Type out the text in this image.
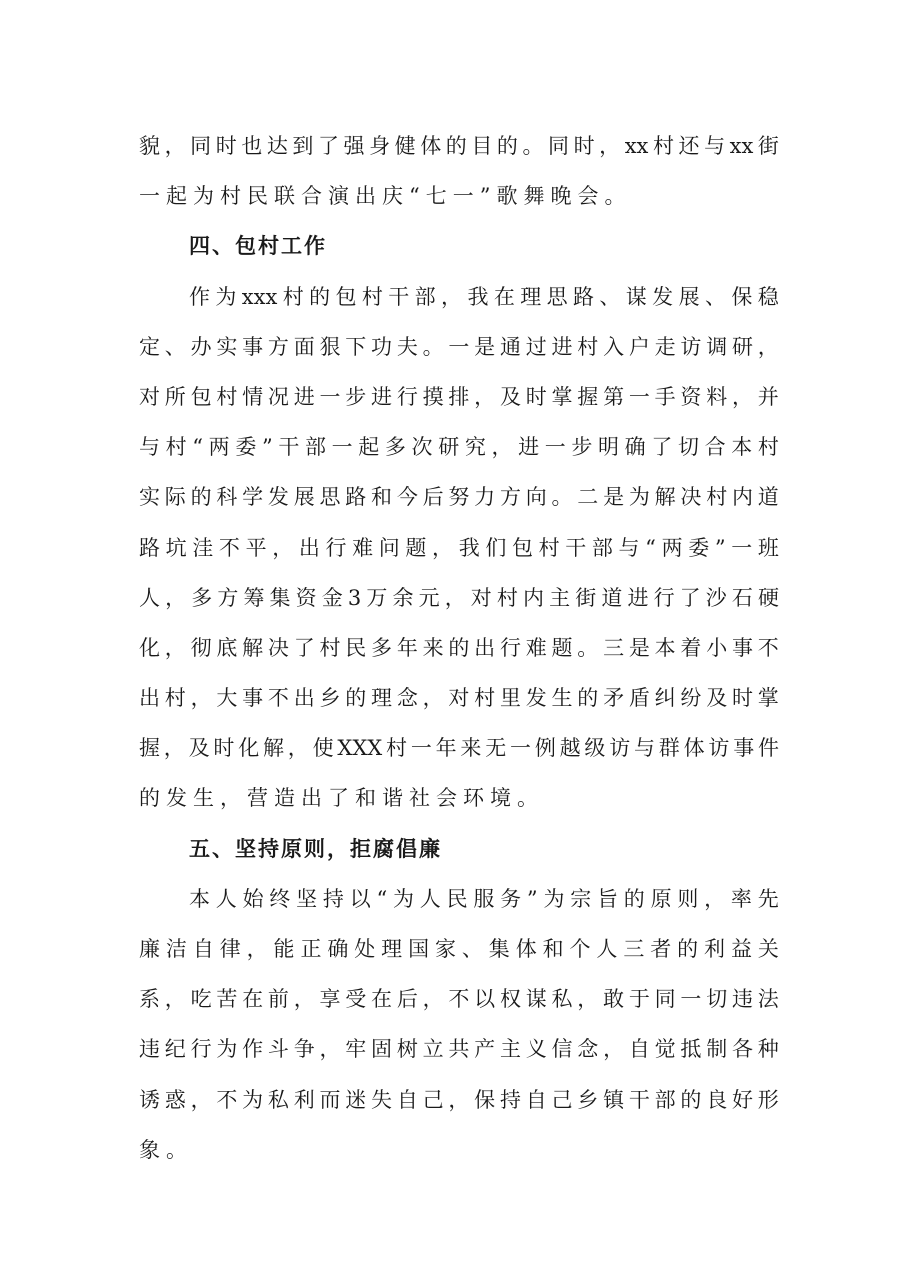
貌 ， 同 时 也 达 到 了 强 身 健 体 的 目 的 。 同 时 ， xx 村 还 与 xx 街
一起为村民联合演出庆“七一”歌舞晚会。
四、包村工作
作 为 xxx 村 的 包 村 干 部 ， 我 在 理 思 路 、 谋 发 展 、 保 稳
定 、 办 实 事 方 面 狠 下 功 夫 。 一 是 通 过 进 村 入 户 走 访 调 研 ，
对 所 包 村 情 况 进 一 步 进 行 摸 排 ， 及 时 掌 握 第 一 手 资 料 ， 并
与 村 “ 两 委 ” 干 部 一 起 多 次 研 究 ， 进 一 步 明 确 了 切 合 本 村
实 际 的 科 学 发 展 思 路 和 今 后 努 力 方 向 。 二 是 为 解 决 村 内 道
路 坑 洼 不 平 ， 出 行 难 问 题 ， 我 们 包 村 干 部 与 “ 两 委 ” 一 班
人 ， 多 方 筹 集 资 金 3 万 余 元 ， 对 村 内 主 街 道 进 行 了 沙 石 硬
化 ， 彻 底 解 决 了 村 民 多 年 来 的 出 行 难 题 。 三 是 本 着 小 事 不
出 村 ， 大 事 不 出 乡 的 理 念 ， 对 村 里 发 生 的 矛 盾 纠 纷 及 时 掌
握 ， 及 时 化 解 ， 使 XXX 村 一 年 来 无 一 例 越 级 访 与 群 体 访 事 件
的发生，营造出了和谐社会环境。
五、坚持原则，拒腐倡廉
本 人 始 终 坚 持 以 “ 为 人 民 服 务 ” 为 宗 旨 的 原 则 ， 率 先
廉 洁 自 律 ， 能 正 确 处 理 国 家 、 集 体 和 个 人 三 者 的 利 益 关
系 ， 吃 苦 在 前 ， 享 受 在 后 ， 不 以 权 谋 私 ， 敢 于 同 一 切 违 法
违 纪 行 为 作 斗 争 ， 牢 固 树 立 共 产 主 义 信 念 ， 自 觉 抵 制 各 种
诱 惑 ， 不 为 私 利 而 迷 失 自 己 ， 保 持 自 己 乡 镇 干 部 的 良 好 形
象。
